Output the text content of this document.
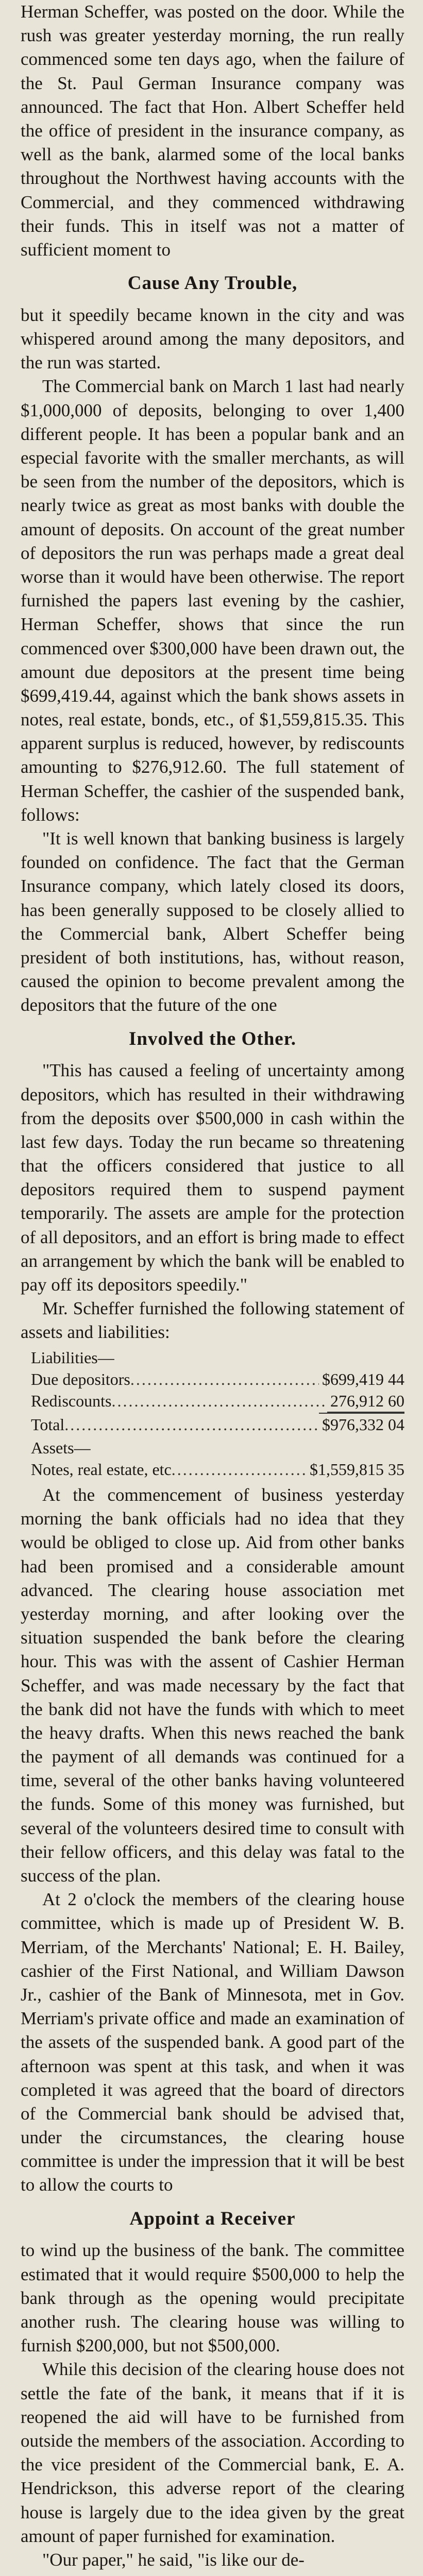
Herman Scheffer, was posted on the door. While the rush was greater yesterday morning, the run really commenced some ten days ago, when the failure of the St. Paul German Insurance company was announced. The fact that Hon. Albert Scheffer held the office of president in the insurance company, as well as the bank, alarmed some of the local banks throughout the Northwest having accounts with the Commercial, and they commenced withdrawing their funds. This in itself was not a matter of sufficient moment to

Cause Any Trouble,

but it speedily became known in the city and was whispered around among the many depositors, and the run was started.

The Commercial bank on March 1 last had nearly $1,000,000 of deposits, belonging to over 1,400 different people. It has been a popular bank and an especial favorite with the smaller merchants, as will be seen from the number of the depositors, which is nearly twice as great as most banks with double the amount of deposits. On account of the great number of depositors the run was perhaps made a great deal worse than it would have been otherwise. The report furnished the papers last evening by the cashier, Herman Scheffer, shows that since the run commenced over $300,000 have been drawn out, the amount due depositors at the present time being $699,419.44, against which the bank shows assets in notes, real estate, bonds, etc., of $1,559,815.35. This apparent surplus is reduced, however, by rediscounts amounting to $276,912.60. The full statement of Herman Scheffer, the cashier of the suspended bank, follows:

"It is well known that banking business is largely founded on confidence. The fact that the German Insurance company, which lately closed its doors, has been generally supposed to be closely allied to the Commercial bank, Albert Scheffer being president of both institutions, has, without reason, caused the opinion to become prevalent among the depositors that the future of the one

Involved the Other.

"This has caused a feeling of uncertainty among depositors, which has resulted in their withdrawing from the deposits over $500,000 in cash within the last few days. Today the run became so threatening that the officers considered that justice to all depositors required them to suspend payment temporarily. The assets are ample for the protection of all depositors, and an effort is bring made to effect an arrangement by which the bank will be enabled to pay off its depositors speedily."

Mr. Scheffer furnished the following statement of assets and liabilities:

Liabilities—
Due depositors .....	$699,419 44
Rediscounts .....	276,912 60
Total .....	$976,332 04
Assets—
Notes, real estate, etc .....	$1,559,815 35

At the commencement of business yesterday morning the bank officials had no idea that they would be obliged to close up. Aid from other banks had been promised and a considerable amount advanced. The clearing house association met yesterday morning, and after looking over the situation suspended the bank before the clearing hour. This was with the assent of Cashier Herman Scheffer, and was made necessary by the fact that the bank did not have the funds with which to meet the heavy drafts. When this news reached the bank the payment of all demands was continued for a time, several of the other banks having volunteered the funds. Some of this money was furnished, but several of the volunteers desired time to consult with their fellow officers, and this delay was fatal to the success of the plan.

At 2 o'clock the members of the clearing house committee, which is made up of President W. B. Merriam, of the Merchants' National; E. H. Bailey, cashier of the First National, and William Dawson Jr., cashier of the Bank of Minnesota, met in Gov. Merriam's private office and made an examination of the assets of the suspended bank. A good part of the afternoon was spent at this task, and when it was completed it was agreed that the board of directors of the Commercial bank should be advised that, under the circumstances, the clearing house committee is under the impression that it will be best to allow the courts to

Appoint a Receiver

to wind up the business of the bank. The committee estimated that it would require $500,000 to help the bank through as the opening would precipitate another rush. The clearing house was willing to furnish $200,000, but not $500,000.

While this decision of the clearing house does not settle the fate of the bank, it means that if it is reopened the aid will have to be furnished from outside the members of the association. According to the vice president of the Commercial bank, E. A. Hendrickson, this adverse report of the clearing house is largely due to the idea given by the great amount of paper furnished for examination.

"Our paper," he said, "is like our de-
